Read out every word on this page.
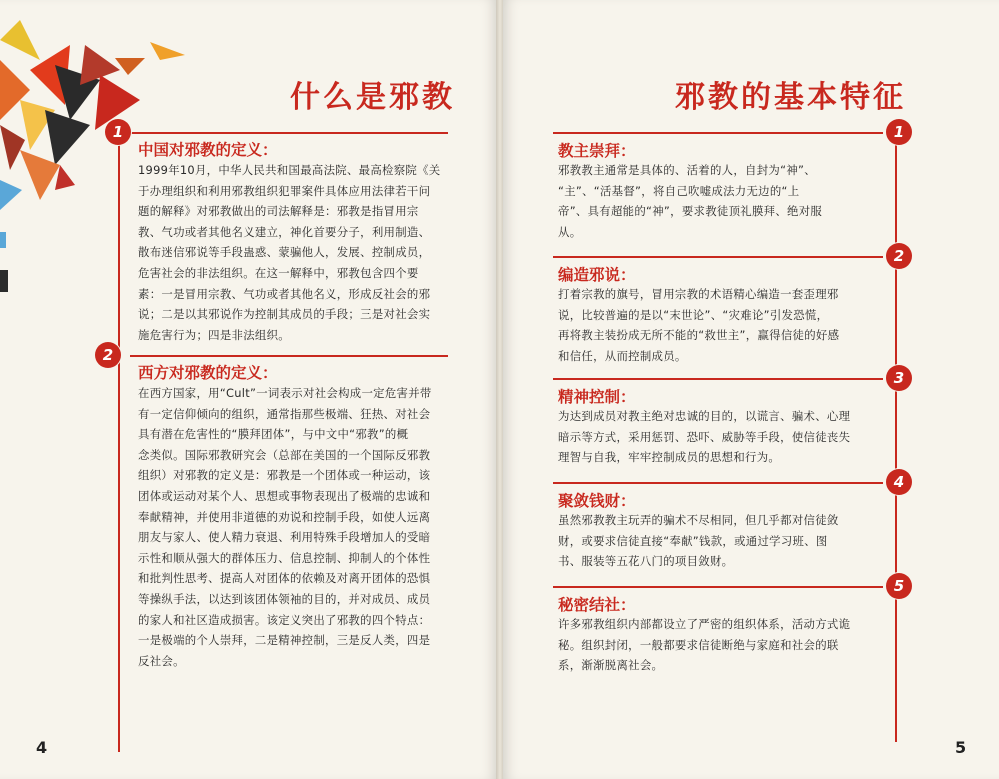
什么是邪教
1
中国对邪教的定义：
1999年10月，中华人民共和国最高法院、最高检察院《关
于办理组织和利用邪教组织犯罪案件具体应用法律若干问
题的解释》对邪教做出的司法解释是：邪教是指冒用宗
教、气功或者其他名义建立，神化首要分子，利用制造、
散布迷信邪说等手段蛊惑、蒙骗他人，发展、控制成员，
危害社会的非法组织。在这一解释中，邪教包含四个要
素：一是冒用宗教、气功或者其他名义，形成反社会的邪
说；二是以其邪说作为控制其成员的手段；三是对社会实
施危害行为；四是非法组织。
2
西方对邪教的定义：
在西方国家，用“Cult”一词表示对社会构成一定危害并带
有一定信仰倾向的组织，通常指那些极端、狂热、对社会
具有潜在危害性的“膜拜团体”，与中文中“邪教”的概
念类似。国际邪教研究会（总部在美国的一个国际反邪教
组织）对邪教的定义是：邪教是一个团体或一种运动，该
团体或运动对某个人、思想或事物表现出了极端的忠诚和
奉献精神，并使用非道德的劝说和控制手段，如使人远离
朋友与家人、使人精力衰退、利用特殊手段增加人的受暗
示性和顺从强大的群体压力、信息控制、抑制人的个体性
和批判性思考、提高人对团体的依赖及对离开团体的恐惧
等操纵手法，以达到该团体领袖的目的，并对成员、成员
的家人和社区造成损害。该定义突出了邪教的四个特点：
一是极端的个人崇拜，二是精神控制，三是反人类，四是
反社会。
4
邪教的基本特征
1
教主崇拜：
邪教教主通常是具体的、活着的人，自封为“神”、
“主”、“活基督”，将自己吹嘘成法力无边的“上
帝”、具有超能的“神”，要求教徒顶礼膜拜、绝对服
从。
2
编造邪说：
打着宗教的旗号，冒用宗教的术语精心编造一套歪理邪
说，比较普遍的是以“末世论”、“灾难论”引发恐慌，
再将教主装扮成无所不能的“救世主”，赢得信徒的好感
和信任，从而控制成员。
3
精神控制：
为达到成员对教主绝对忠诚的目的，以谎言、骗术、心理
暗示等方式，采用惩罚、恐吓、威胁等手段，使信徒丧失
理智与自我，牢牢控制成员的思想和行为。
4
聚敛钱财：
虽然邪教教主玩弄的骗术不尽相同，但几乎都对信徒敛
财，或要求信徒直接“奉献”钱款，或通过学习班、图
书、服装等五花八门的项目敛财。
5
秘密结社：
许多邪教组织内部都设立了严密的组织体系，活动方式诡
秘。组织封闭，一般都要求信徒断绝与家庭和社会的联
系，渐渐脱离社会。
5
